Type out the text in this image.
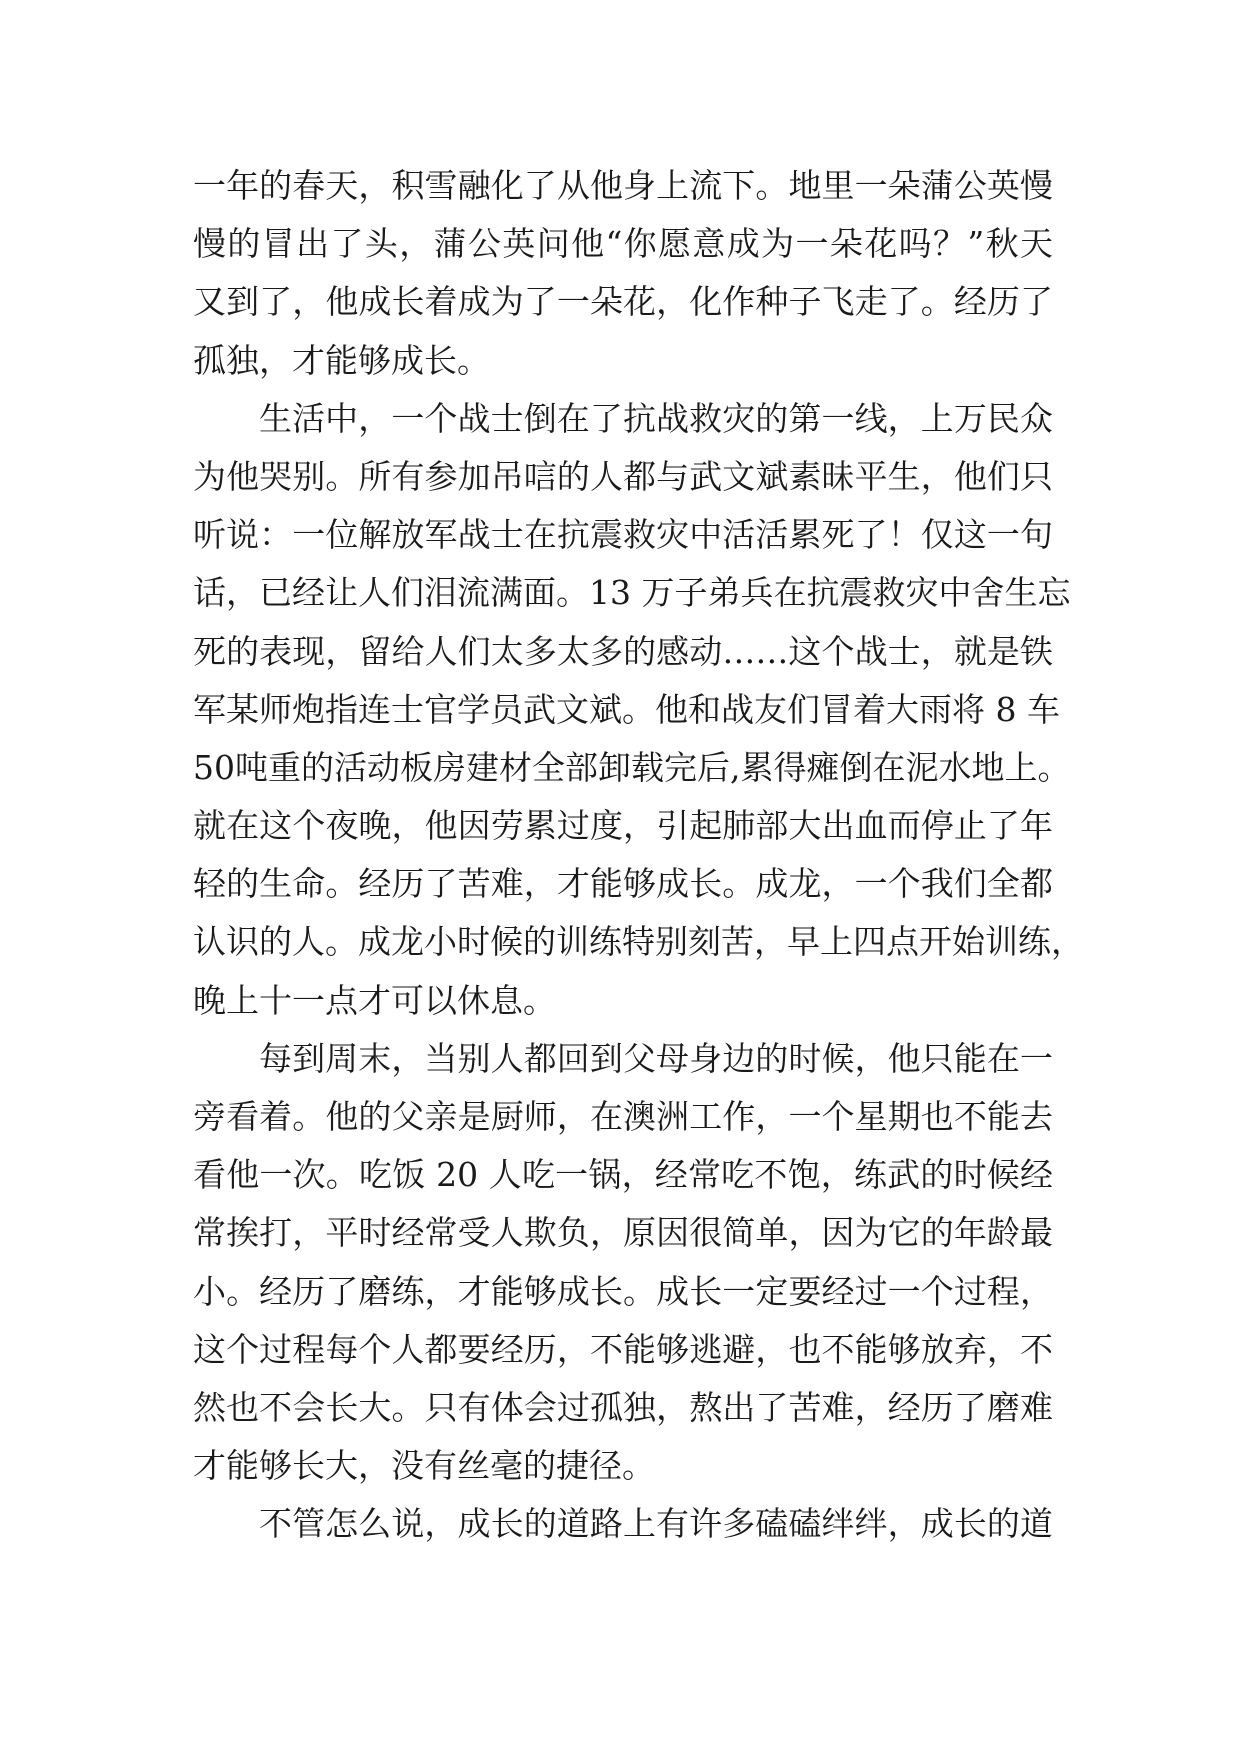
一年的春天，积雪融化了从他身上流下。地里一朵蒲公英慢
慢的冒出了头，蒲公英问他“你愿意成为一朵花吗？”秋天
又到了，他成长着成为了一朵花，化作种子飞走了。经历了
孤独，才能够成长。
生活中，一个战士倒在了抗战救灾的第一线，上万民众
为他哭别。所有参加吊唁的人都与武文斌素昧平生，他们只
听说：一位解放军战士在抗震救灾中活活累死了！仅这一句
话，已经让人们泪流满面。13 万子弟兵在抗震救灾中舍生忘
死的表现，留给人们太多太多的感动……这个战士，就是铁
军某师炮指连士官学员武文斌。他和战友们冒着大雨将 8 车
50吨重的活动板房建材全部卸载完后,累得瘫倒在泥水地上。
就在这个夜晚，他因劳累过度，引起肺部大出血而停止了年
轻的生命。经历了苦难，才能够成长。成龙，一个我们全都
认识的人。成龙小时候的训练特别刻苦，早上四点开始训练，
晚上十一点才可以休息。
每到周末，当别人都回到父母身边的时候，他只能在一
旁看着。他的父亲是厨师，在澳洲工作，一个星期也不能去
看他一次。吃饭 20 人吃一锅，经常吃不饱，练武的时候经
常挨打，平时经常受人欺负，原因很简单，因为它的年龄最
小。经历了磨练，才能够成长。成长一定要经过一个过程，
这个过程每个人都要经历，不能够逃避，也不能够放弃，不
然也不会长大。只有体会过孤独，熬出了苦难，经历了磨难
才能够长大，没有丝毫的捷径。
不管怎么说，成长的道路上有许多磕磕绊绊，成长的道
